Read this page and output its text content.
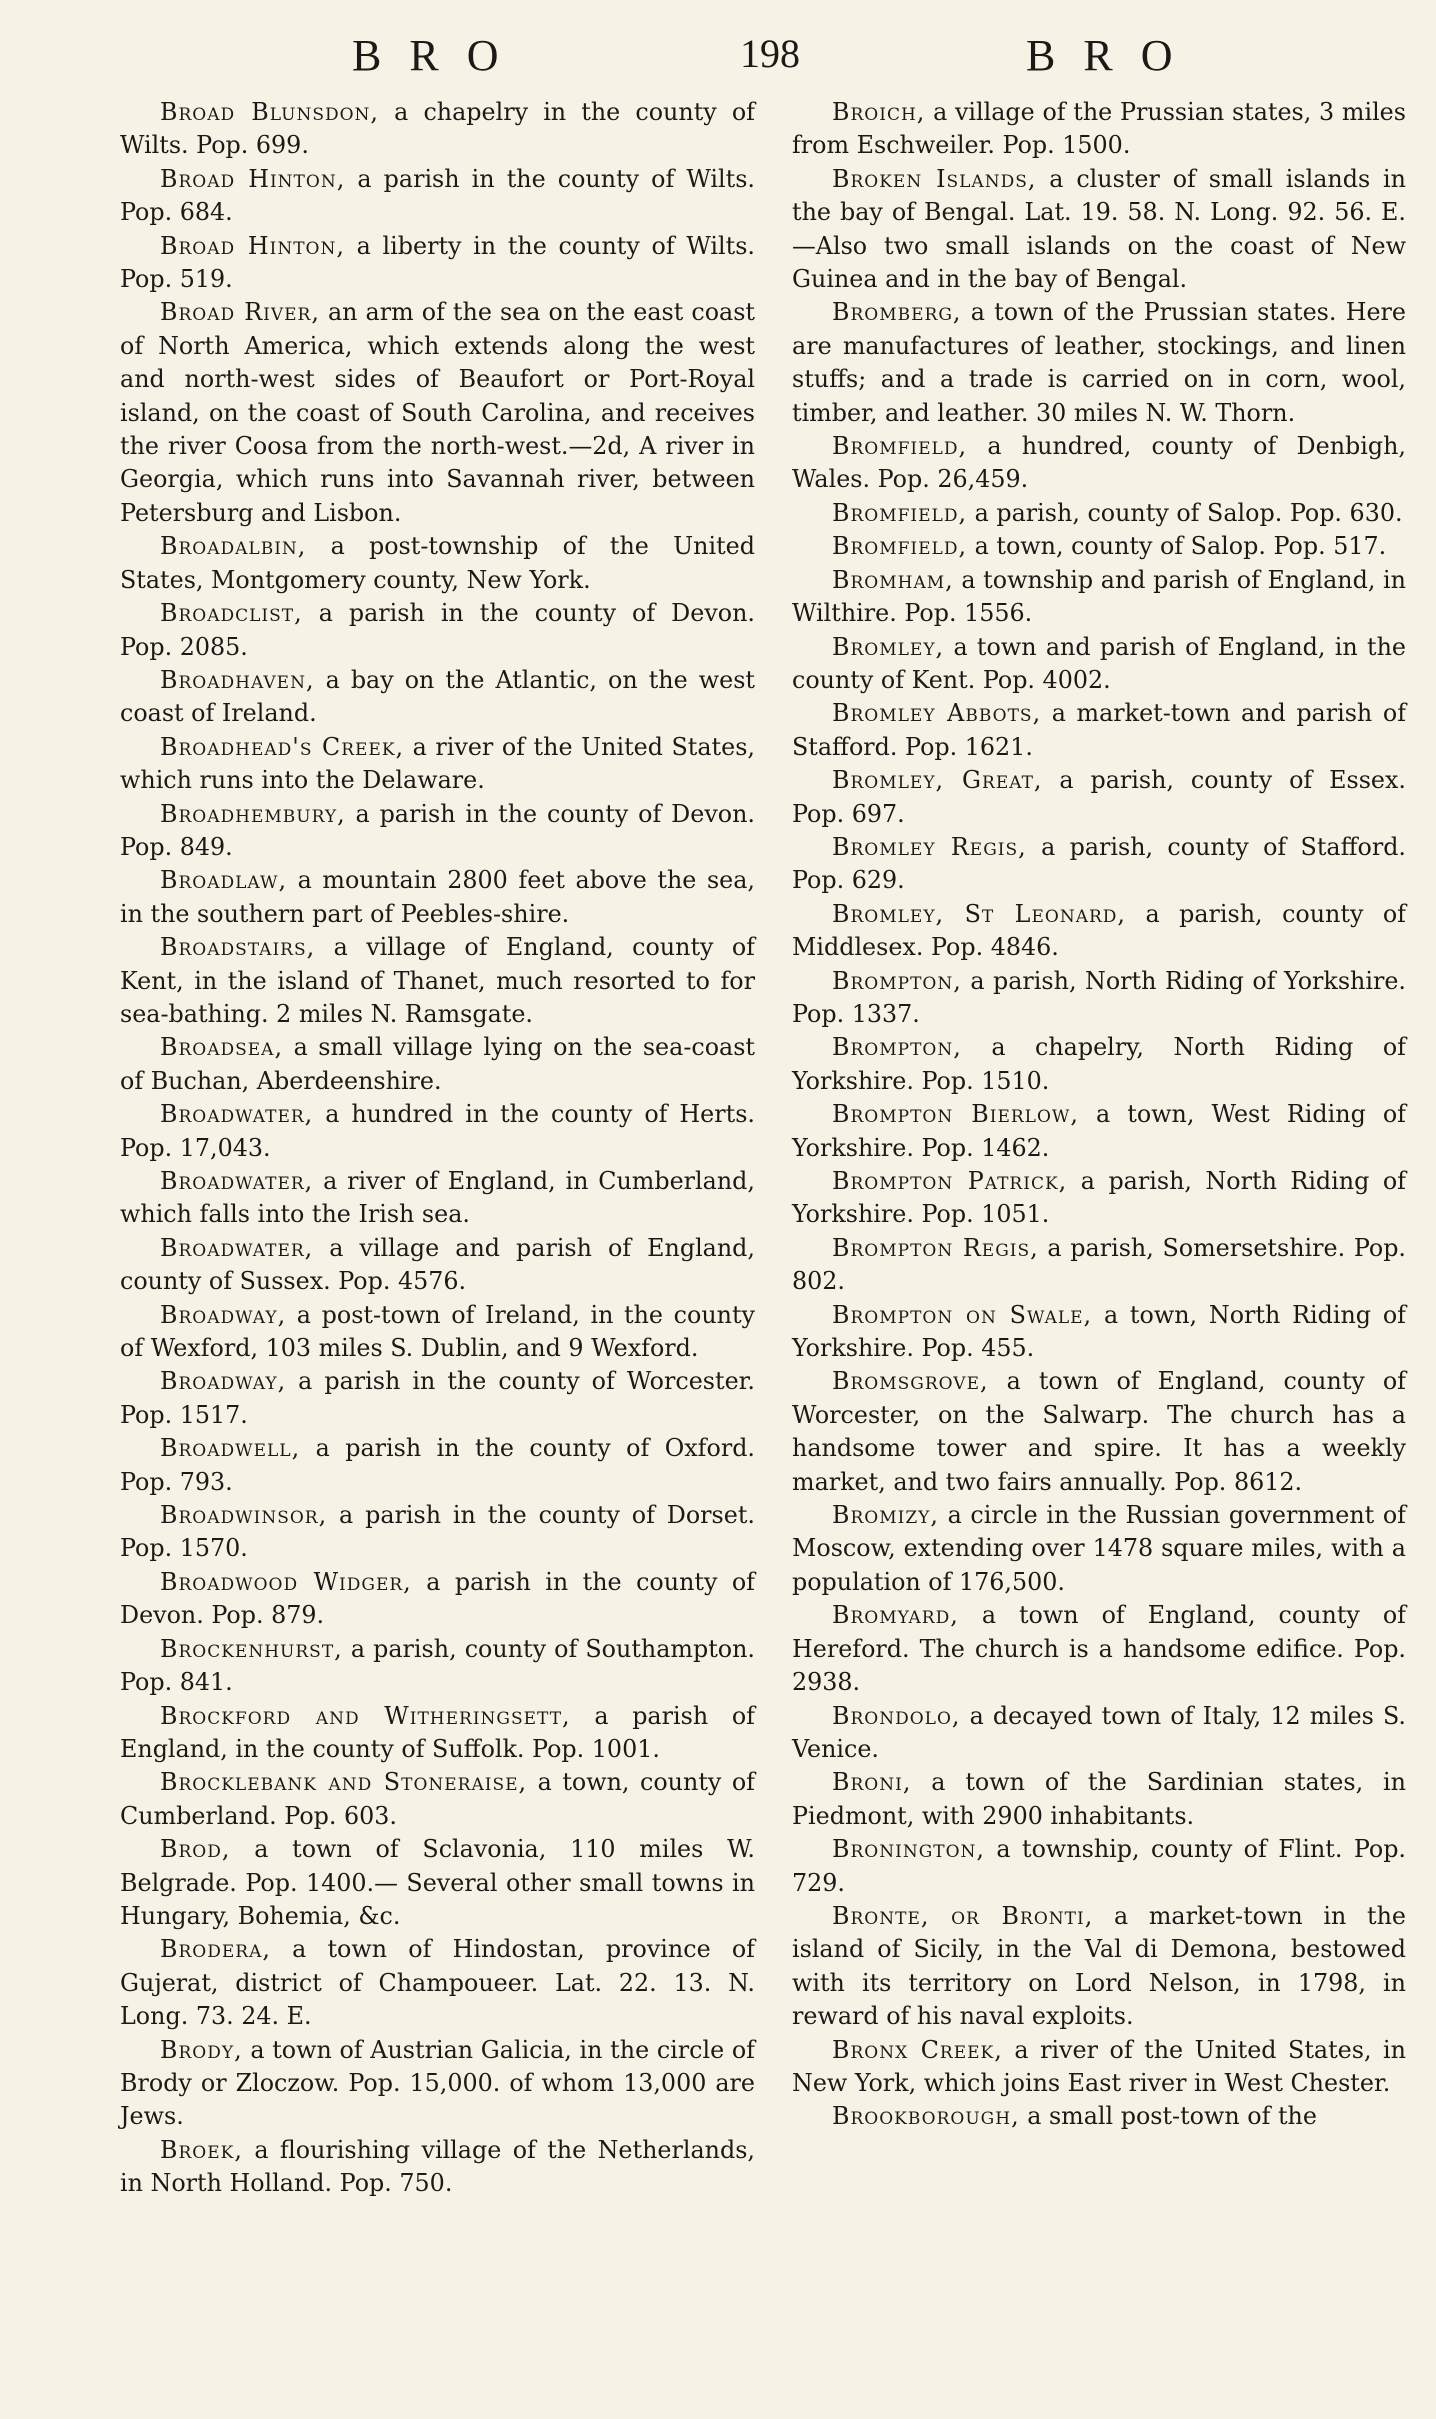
BRO	198	BRO

Broad Blunsdon, a chapelry in the county of Wilts. Pop. 699.

Broad Hinton, a parish in the county of Wilts. Pop. 684.

Broad Hinton, a liberty in the county of Wilts. Pop. 519.

Broad River, an arm of the sea on the east coast of North America, which extends along the west and north-west sides of Beaufort or Port-Royal island, on the coast of South Carolina, and receives the river Coosa from the north-west.—2d, A river in Georgia, which runs into Savannah river, between Petersburg and Lisbon.

Broadalbin, a post-township of the United States, Montgomery county, New York.

Broadclist, a parish in the county of Devon. Pop. 2085.

Broadhaven, a bay on the Atlantic, on the west coast of Ireland.

Broadhead's Creek, a river of the United States, which runs into the Delaware.

Broadhembury, a parish in the county of Devon. Pop. 849.

Broadlaw, a mountain 2800 feet above the sea, in the southern part of Peebles-shire.

Broadstairs, a village of England, county of Kent, in the island of Thanet, much resorted to for sea-bathing. 2 miles N. Ramsgate.

Broadsea, a small village lying on the sea-coast of Buchan, Aberdeenshire.

Broadwater, a hundred in the county of Herts. Pop. 17,043.

Broadwater, a river of England, in Cumberland, which falls into the Irish sea.

Broadwater, a village and parish of England, county of Sussex. Pop. 4576.

Broadway, a post-town of Ireland, in the county of Wexford, 103 miles S. Dublin, and 9 Wexford.

Broadway, a parish in the county of Worcester. Pop. 1517.

Broadwell, a parish in the county of Oxford. Pop. 793.

Broadwinsor, a parish in the county of Dorset. Pop. 1570.

Broadwood Widger, a parish in the county of Devon. Pop. 879.

Brockenhurst, a parish, county of Southampton. Pop. 841.

Brockford and Witheringsett, a parish of England, in the county of Suffolk. Pop. 1001.

Brocklebank and Stoneraise, a town, county of Cumberland. Pop. 603.

Brod, a town of Sclavonia, 110 miles W. Belgrade. Pop. 1400.— Several other small towns in Hungary, Bohemia, &c.

Brodera, a town of Hindostan, province of Gujerat, district of Champoueer. Lat. 22. 13. N. Long. 73. 24. E.

Brody, a town of Austrian Galicia, in the circle of Brody or Zloczow. Pop. 15,000. of whom 13,000 are Jews.

Broek, a flourishing village of the Netherlands, in North Holland. Pop. 750.

Broich, a village of the Prussian states, 3 miles from Eschweiler. Pop. 1500.

Broken Islands, a cluster of small islands in the bay of Bengal. Lat. 19. 58. N. Long. 92. 56. E.—Also two small islands on the coast of New Guinea and in the bay of Bengal.

Bromberg, a town of the Prussian states. Here are manufactures of leather, stockings, and linen stuffs; and a trade is carried on in corn, wool, timber, and leather. 30 miles N. W. Thorn.

Bromfield, a hundred, county of Denbigh, Wales. Pop. 26,459.

Bromfield, a parish, county of Salop. Pop. 630.

Bromfield, a town, county of Salop. Pop. 517.

Bromham, a township and parish of England, in Wilthire. Pop. 1556.

Bromley, a town and parish of England, in the county of Kent. Pop. 4002.

Bromley Abbots, a market-town and parish of Stafford. Pop. 1621.

Bromley, Great, a parish, county of Essex. Pop. 697.

Bromley Regis, a parish, county of Stafford. Pop. 629.

Bromley, St Leonard, a parish, county of Middlesex. Pop. 4846.

Brompton, a parish, North Riding of Yorkshire. Pop. 1337.

Brompton, a chapelry, North Riding of Yorkshire. Pop. 1510.

Brompton Bierlow, a town, West Riding of Yorkshire. Pop. 1462.

Brompton Patrick, a parish, North Riding of Yorkshire. Pop. 1051.

Brompton Regis, a parish, Somersetshire. Pop. 802.

Brompton on Swale, a town, North Riding of Yorkshire. Pop. 455.

Bromsgrove, a town of England, county of Worcester, on the Salwarp. The church has a handsome tower and spire. It has a weekly market, and two fairs annually. Pop. 8612.

Bromizy, a circle in the Russian government of Moscow, extending over 1478 square miles, with a population of 176,500.

Bromyard, a town of England, county of Hereford. The church is a handsome edifice. Pop. 2938.

Brondolo, a decayed town of Italy, 12 miles S. Venice.

Broni, a town of the Sardinian states, in Piedmont, with 2900 inhabitants.

Bronington, a township, county of Flint. Pop. 729.

Bronte, or Bronti, a market-town in the island of Sicily, in the Val di Demona, bestowed with its territory on Lord Nelson, in 1798, in reward of his naval exploits.

Bronx Creek, a river of the United States, in New York, which joins East river in West Chester.

Brookborough, a small post-town of the
